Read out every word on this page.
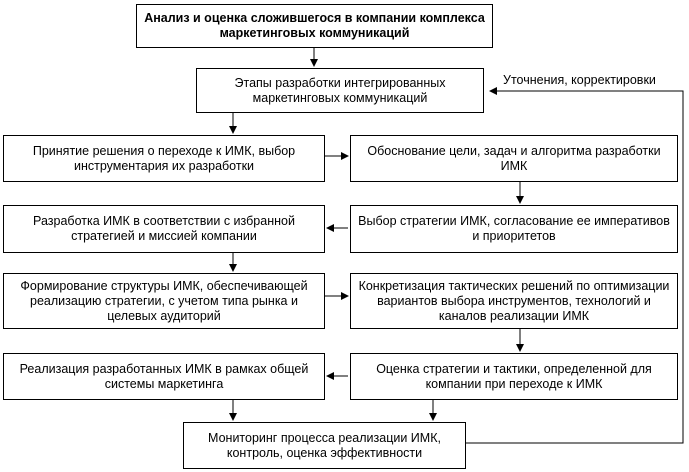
Анализ и оценка сложившегося в компании комплекса маркетинговых коммуникаций
Этапы разработки интегрированных маркетинговых коммуникаций
Принятие решения о переходе к ИМК, выбор инструментария их разработки
Обоснование цели, задач и алгоритма разработки ИМК
Выбор стратегии ИМК, согласование ее императивов и приоритетов
Разработка ИМК в соответствии с избранной стратегией и миссией компании
Формирование структуры ИМК, обеспечивающей реализацию стратегии, с учетом типа рынка и целевых аудиторий
Конкретизация тактических решений по оптимизации вариантов выбора инструментов, технологий и каналов реализации ИМК
Оценка стратегии и тактики, определенной для компании при переходе к ИМК
Реализация разработанных ИМК в рамках общей системы маркетинга
Мониторинг процесса реализации ИМК, контроль, оценка эффективности
Уточнения, корректировки
